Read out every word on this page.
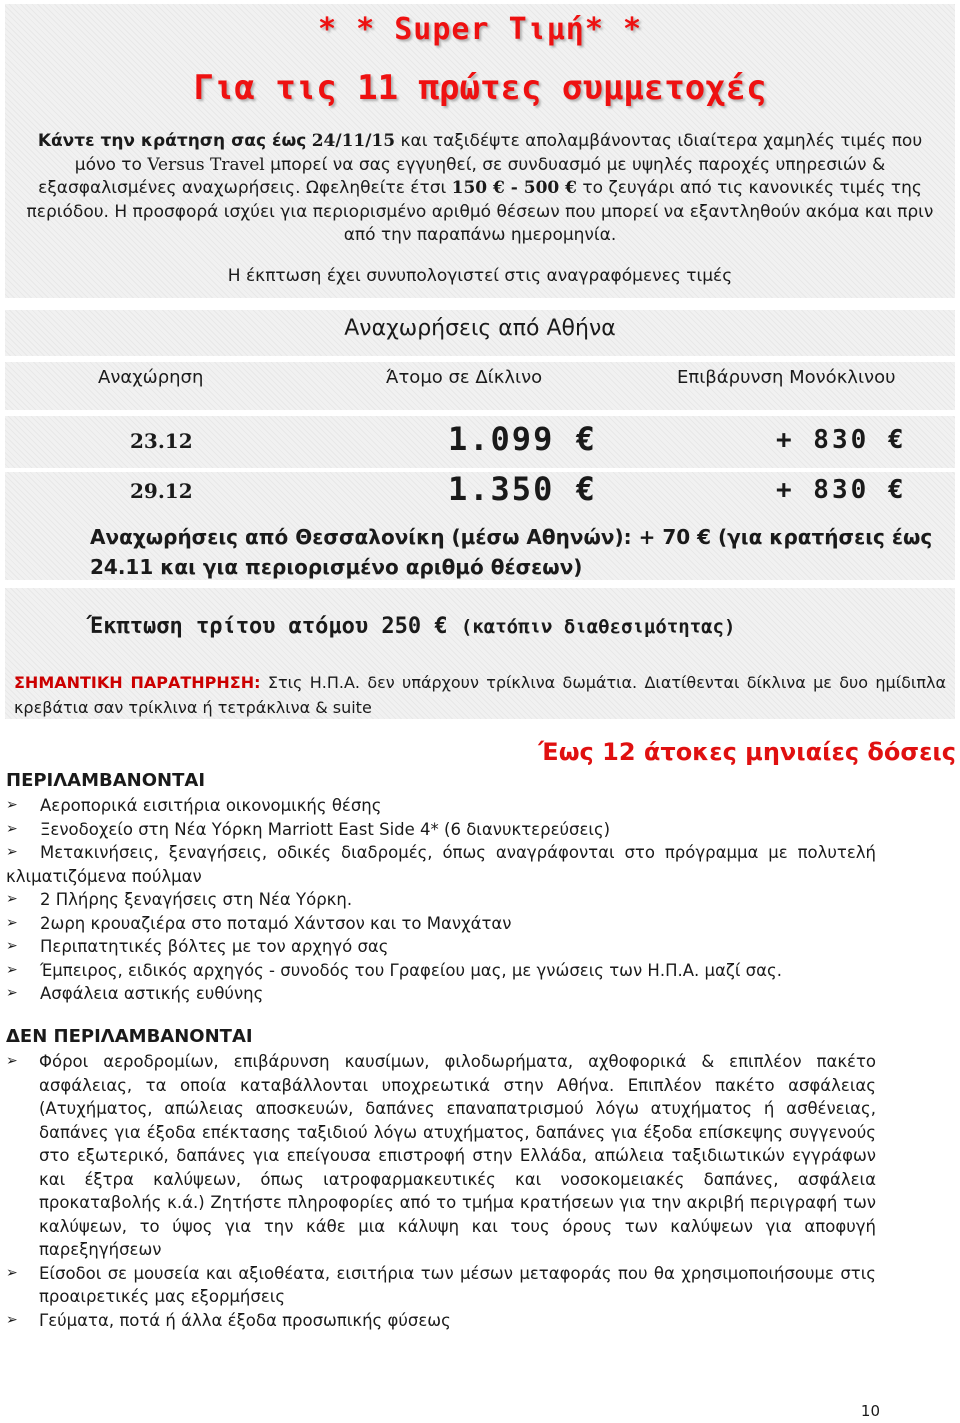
* * Super Τιμή* *
Για τις 11 πρώτες συμμετοχές
Κάντε την κράτηση σας έως 24/11/15 και ταξιδέψτε απολαμβάνοντας ιδιαίτερα χαμηλές τιμές που μόνο το Versus Travel μπορεί να σας εγγυηθεί, σε συνδυασμό με υψηλές παροχές υπηρεσιών & εξασφαλισμένες αναχωρήσεις. Ωφεληθείτε έτσι 150 € - 500 € το ζευγάρι από τις κανονικές τιμές της περιόδου. Η προσφορά ισχύει για περιορισμένο αριθμό θέσεων που μπορεί να εξαντληθούν ακόμα και πριν από την παραπάνω ημερομηνία.
Η έκπτωση έχει συνυπολογιστεί στις αναγραφόμενες τιμές
Αναχωρήσεις από Αθήνα
Αναχώρηση	Άτομο σε Δίκλινο	Επιβάρυνση Μονόκλινου
23.12	1.099 €	+ 830 €
29.12	1.350 €	+ 830 €
Αναχωρήσεις από Θεσσαλονίκη (μέσω Αθηνών): + 70 € (για κρατήσεις έως 24.11 και για περιορισμένο αριθμό θέσεων)
Έκπτωση τρίτου ατόμου 250 € (κατόπιν διαθεσιμότητας)
ΣΗΜΑΝΤΙΚΗ ΠΑΡΑΤΗΡΗΣΗ: Στις Η.Π.Α. δεν υπάρχουν τρίκλινα δωμάτια. Διατίθενται δίκλινα με δυο ημίδιπλα κρεβάτια σαν τρίκλινα ή τετράκλινα & suite
Έως 12 άτοκες μηνιαίες δόσεις
ΠΕΡΙΛΑΜΒΑΝΟΝΤΑΙ
➢ Αεροπορικά εισιτήρια οικονομικής θέσης
➢ Ξενοδοχείο στη Νέα Υόρκη Marriott East Side 4* (6 διανυκτερεύσεις)
➢ Μετακινήσεις, ξεναγήσεις, οδικές διαδρομές, όπως αναγράφονται στο πρόγραμμα με πολυτελή κλιματιζόμενα πούλμαν
➢ 2 Πλήρης ξεναγήσεις στη Νέα Υόρκη.
➢ 2ωρη κρουαζιέρα στο ποταμό Χάντσον και το Μανχάταν
➢ Περιπατητικές βόλτες με τον αρχηγό σας
➢ Έμπειρος, ειδικός αρχηγός - συνοδός του Γραφείου μας, με γνώσεις των Η.Π.Α. μαζί σας.
➢ Ασφάλεια αστικής ευθύνης
ΔΕΝ ΠΕΡΙΛΑΜΒΑΝΟΝΤΑΙ
➢ Φόροι αεροδρομίων, επιβάρυνση καυσίμων, φιλοδωρήματα, αχθοφορικά & επιπλέον πακέτο ασφάλειας, τα οποία καταβάλλονται υποχρεωτικά στην Αθήνα. Επιπλέον πακέτο ασφάλειας (Ατυχήματος, απώλειας αποσκευών, δαπάνες επαναπατρισμού λόγω ατυχήματος ή ασθένειας, δαπάνες για έξοδα επέκτασης ταξιδιού λόγω ατυχήματος, δαπάνες για έξοδα επίσκεψης συγγενούς στο εξωτερικό, δαπάνες για επείγουσα επιστροφή στην Ελλάδα, απώλεια ταξιδιωτικών εγγράφων και έξτρα καλύψεων, όπως ιατροφαρμακευτικές και νοσοκομειακές δαπάνες, ασφάλεια προκαταβολής κ.ά.) Ζητήστε πληροφορίες από το τμήμα κρατήσεων για την ακριβή περιγραφή των καλύψεων, το ύψος για την κάθε μια κάλυψη και τους όρους των καλύψεων για αποφυγή παρεξηγήσεων
➢ Είσοδοι σε μουσεία και αξιοθέατα, εισιτήρια των μέσων μεταφοράς που θα χρησιμοποιήσουμε στις προαιρετικές μας εξορμήσεις
➢ Γεύματα, ποτά ή άλλα έξοδα προσωπικής φύσεως
10
